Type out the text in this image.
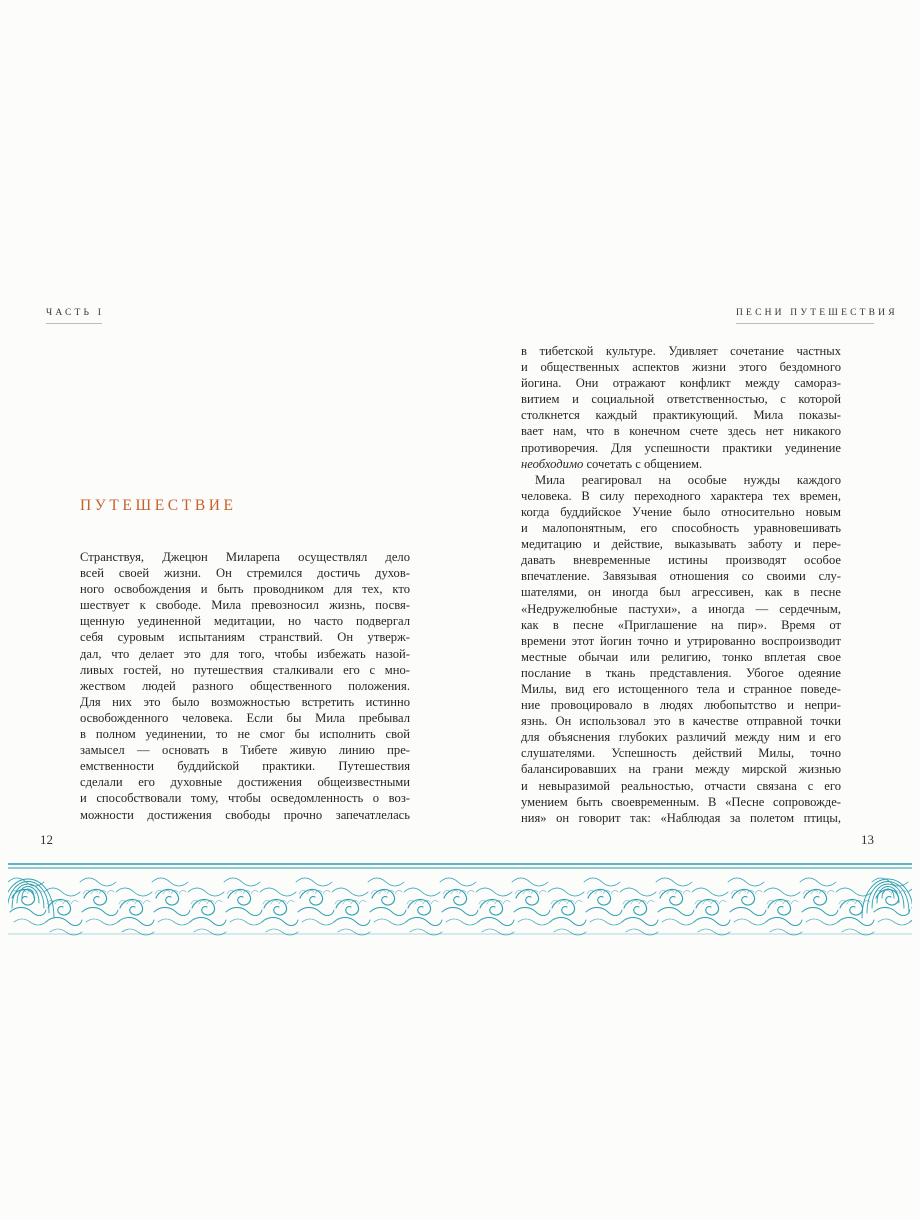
ЧАСТЬ I	ПЕСНИ ПУТЕШЕСТВИЯ
ПУТЕШЕСТВИЕ
Странствуя, Джецюн Миларепа осуществлял дело
всей своей жизни. Он стремился достичь духов-
ного освобождения и быть проводником для тех, кто
шествует к свободе. Мила превозносил жизнь, посвя-
щенную уединенной медитации, но часто подвергал
себя суровым испытаниям странствий. Он утверж-
дал, что делает это для того, чтобы избежать назой-
ливых гостей, но путешествия сталкивали его с мно-
жеством людей разного общественного положения.
Для них это было возможностью встретить истинно
освобожденного человека. Если бы Мила пребывал
в полном уединении, то не смог бы исполнить свой
замысел — основать в Тибете живую линию пре-
емственности буддийской практики. Путешествия
сделали его духовные достижения общеизвестными
и способствовали тому, чтобы осведомленность о воз-
можности достижения свободы прочно запечатлелась
в тибетской культуре. Удивляет сочетание частных
и общественных аспектов жизни этого бездомного
йогина. Они отражают конфликт между самораз-
витием и социальной ответственностью, с которой
столкнется каждый практикующий. Мила показы-
вает нам, что в конечном счете здесь нет никакого
противоречия. Для успешности практики уединение
необходимо сочетать с общением.
Мила реагировал на особые нужды каждого
человека. В силу переходного характера тех времен,
когда буддийское Учение было относительно новым
и малопонятным, его способность уравновешивать
медитацию и действие, выказывать заботу и пере-
давать вневременные истины производят особое
впечатление. Завязывая отношения со своими слу-
шателями, он иногда был агрессивен, как в песне
«Недружелюбные пастухи», а иногда — сердечным,
как в песне «Приглашение на пир». Время от
времени этот йогин точно и утрированно воспроизводит
местные обычаи или религию, тонко вплетая свое
послание в ткань представления. Убогое одеяние
Милы, вид его истощенного тела и странное поведе-
ние провоцировало в людях любопытство и непри-
язнь. Он использовал это в качестве отправной точки
для объяснения глубоких различий между ним и его
слушателями. Успешность действий Милы, точно
балансировавших на грани между мирской жизнью
и невыразимой реальностью, отчасти связана с его
умением быть своевременным. В «Песне сопровожде-
ния» он говорит так: «Наблюдая за полетом птицы,
12	13
